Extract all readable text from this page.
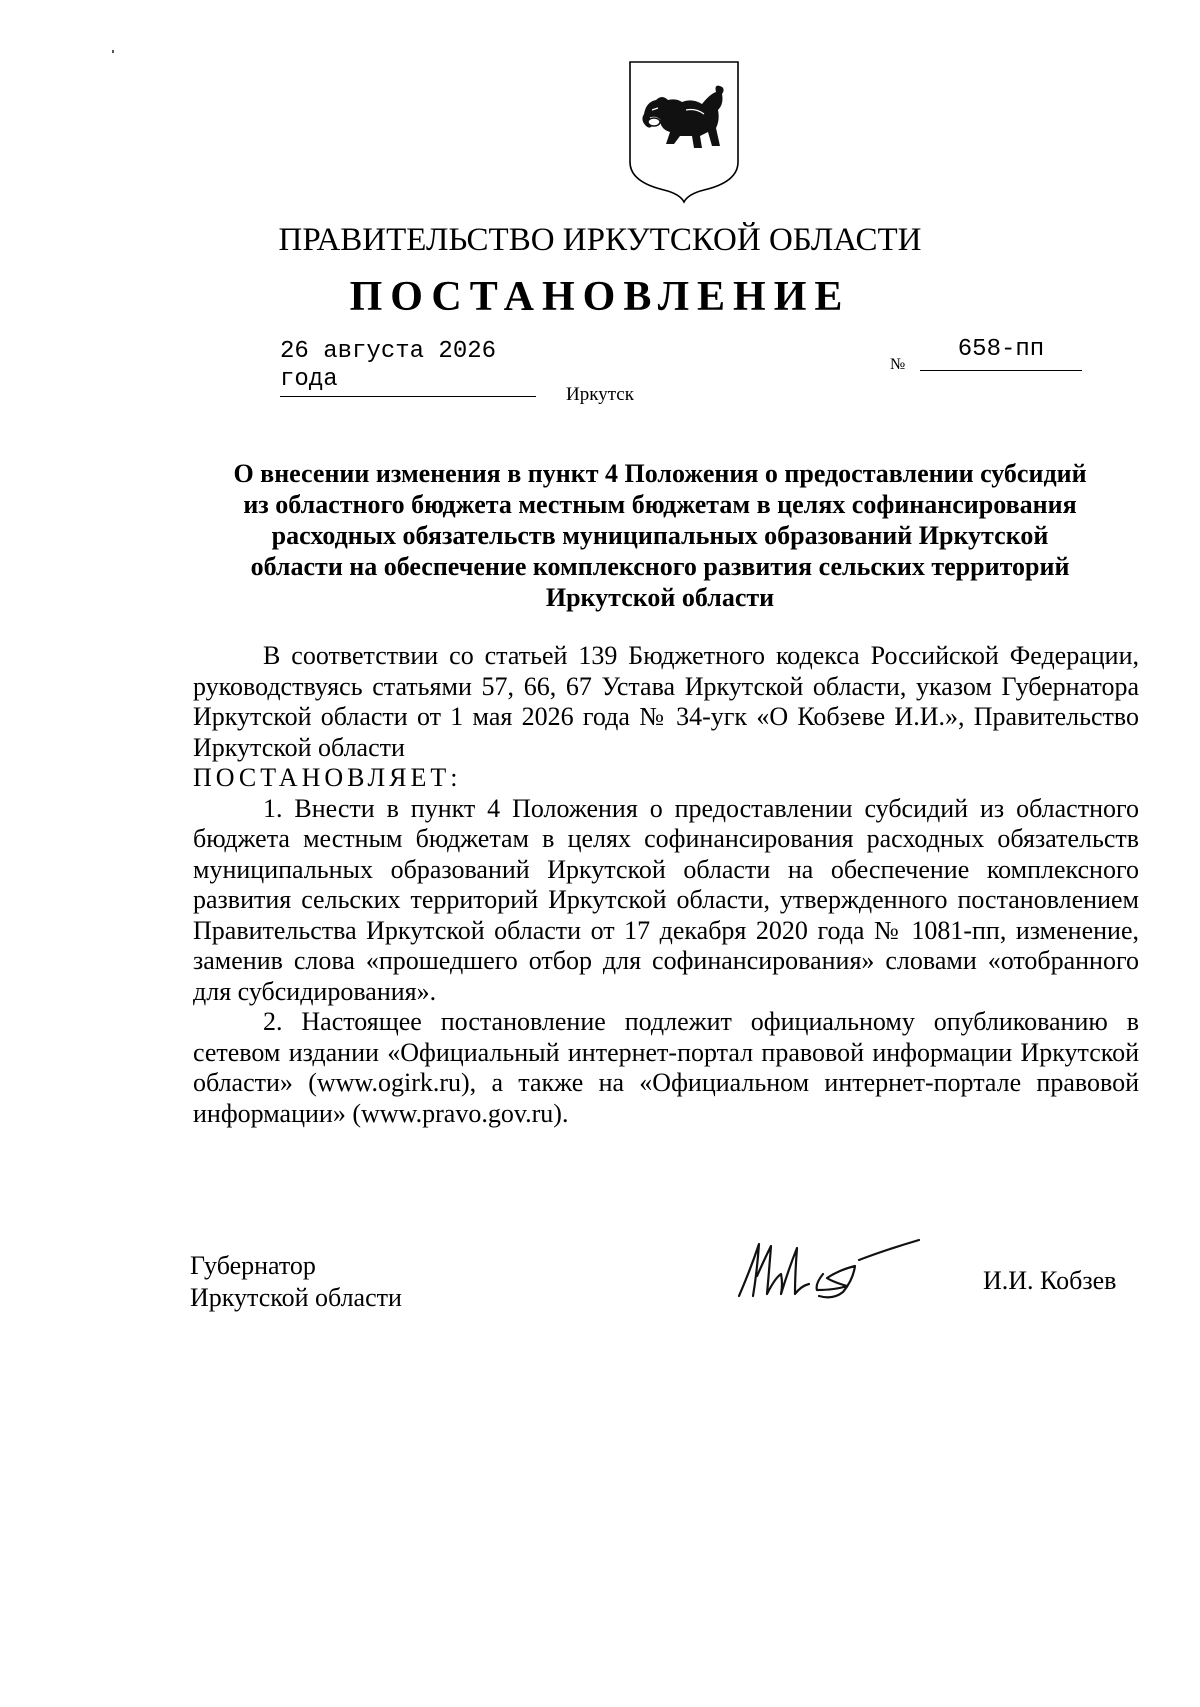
ПРАВИТЕЛЬСТВО ИРКУТСКОЙ ОБЛАСТИ
ПОСТАНОВЛЕНИЕ
26 августа 2026 года
№
658-пп
Иркутск
О внесении изменения в пункт 4 Положения о предоставлении субсидий
из областного бюджета местным бюджетам в целях софинансирования
расходных обязательств муниципальных образований Иркутской
области на обеспечение комплексного развития сельских территорий
Иркутской области
В соответствии со статьей 139 Бюджетного кодекса Российской Федерации, руководствуясь статьями 57, 66, 67 Устава Иркутской области, указом Губернатора Иркутской области от 1 мая 2026 года № 34-угк «О Кобзеве И.И.», Правительство Иркутской области
ПОСТАНОВЛЯЕТ:
1. Внести в пункт 4 Положения о предоставлении субсидий из областного бюджета местным бюджетам в целях софинансирования расходных обязательств муниципальных образований Иркутской области на обеспечение комплексного развития сельских территорий Иркутской области, утвержденного постановлением Правительства Иркутской области от 17 декабря 2020 года № 1081-пп, изменение, заменив слова «прошедшего отбор для софинансирования» словами «отобранного для субсидирования».
2. Настоящее постановление подлежит официальному опубликованию в сетевом издании «Официальный интернет-портал правовой информации Иркутской области» (www.ogirk.ru), а также на «Официальном интернет-портале правовой информации» (www.pravo.gov.ru).
Губернатор
Иркутской области
И.И. Кобзев
